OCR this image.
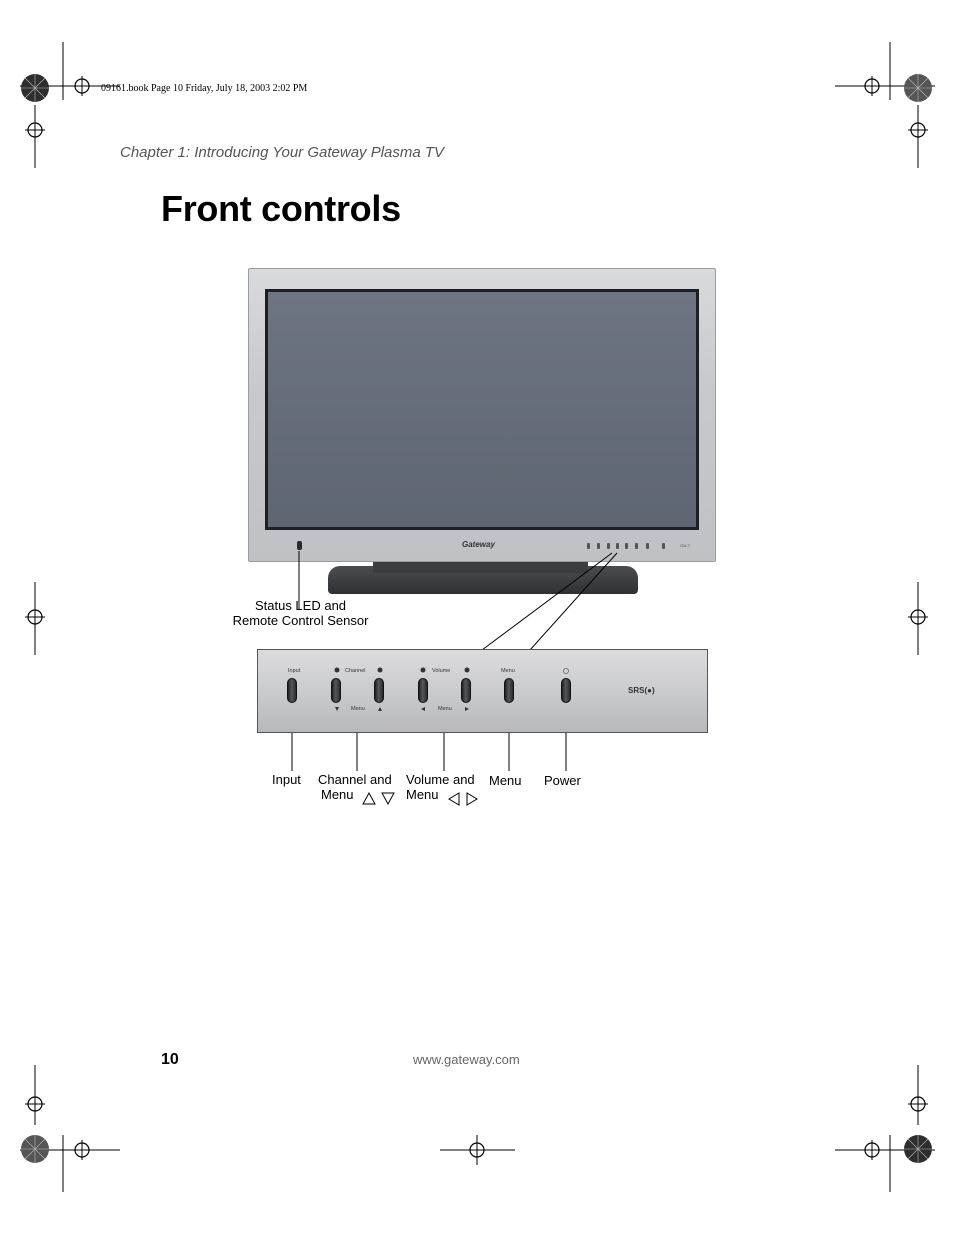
09161.book Page 10 Friday, July 18, 2003 2:02 PM
Chapter 1: Introducing Your Gateway Plasma TV
Front controls
Gateway	GM-7
Status LED and
Remote Control Sensor
Input	Channel	Volume	Menu
Menu	Menu
SRS(●)
Input Channel and
Menu
Volume and
Menu
Menu Power
10	www.gateway.com
